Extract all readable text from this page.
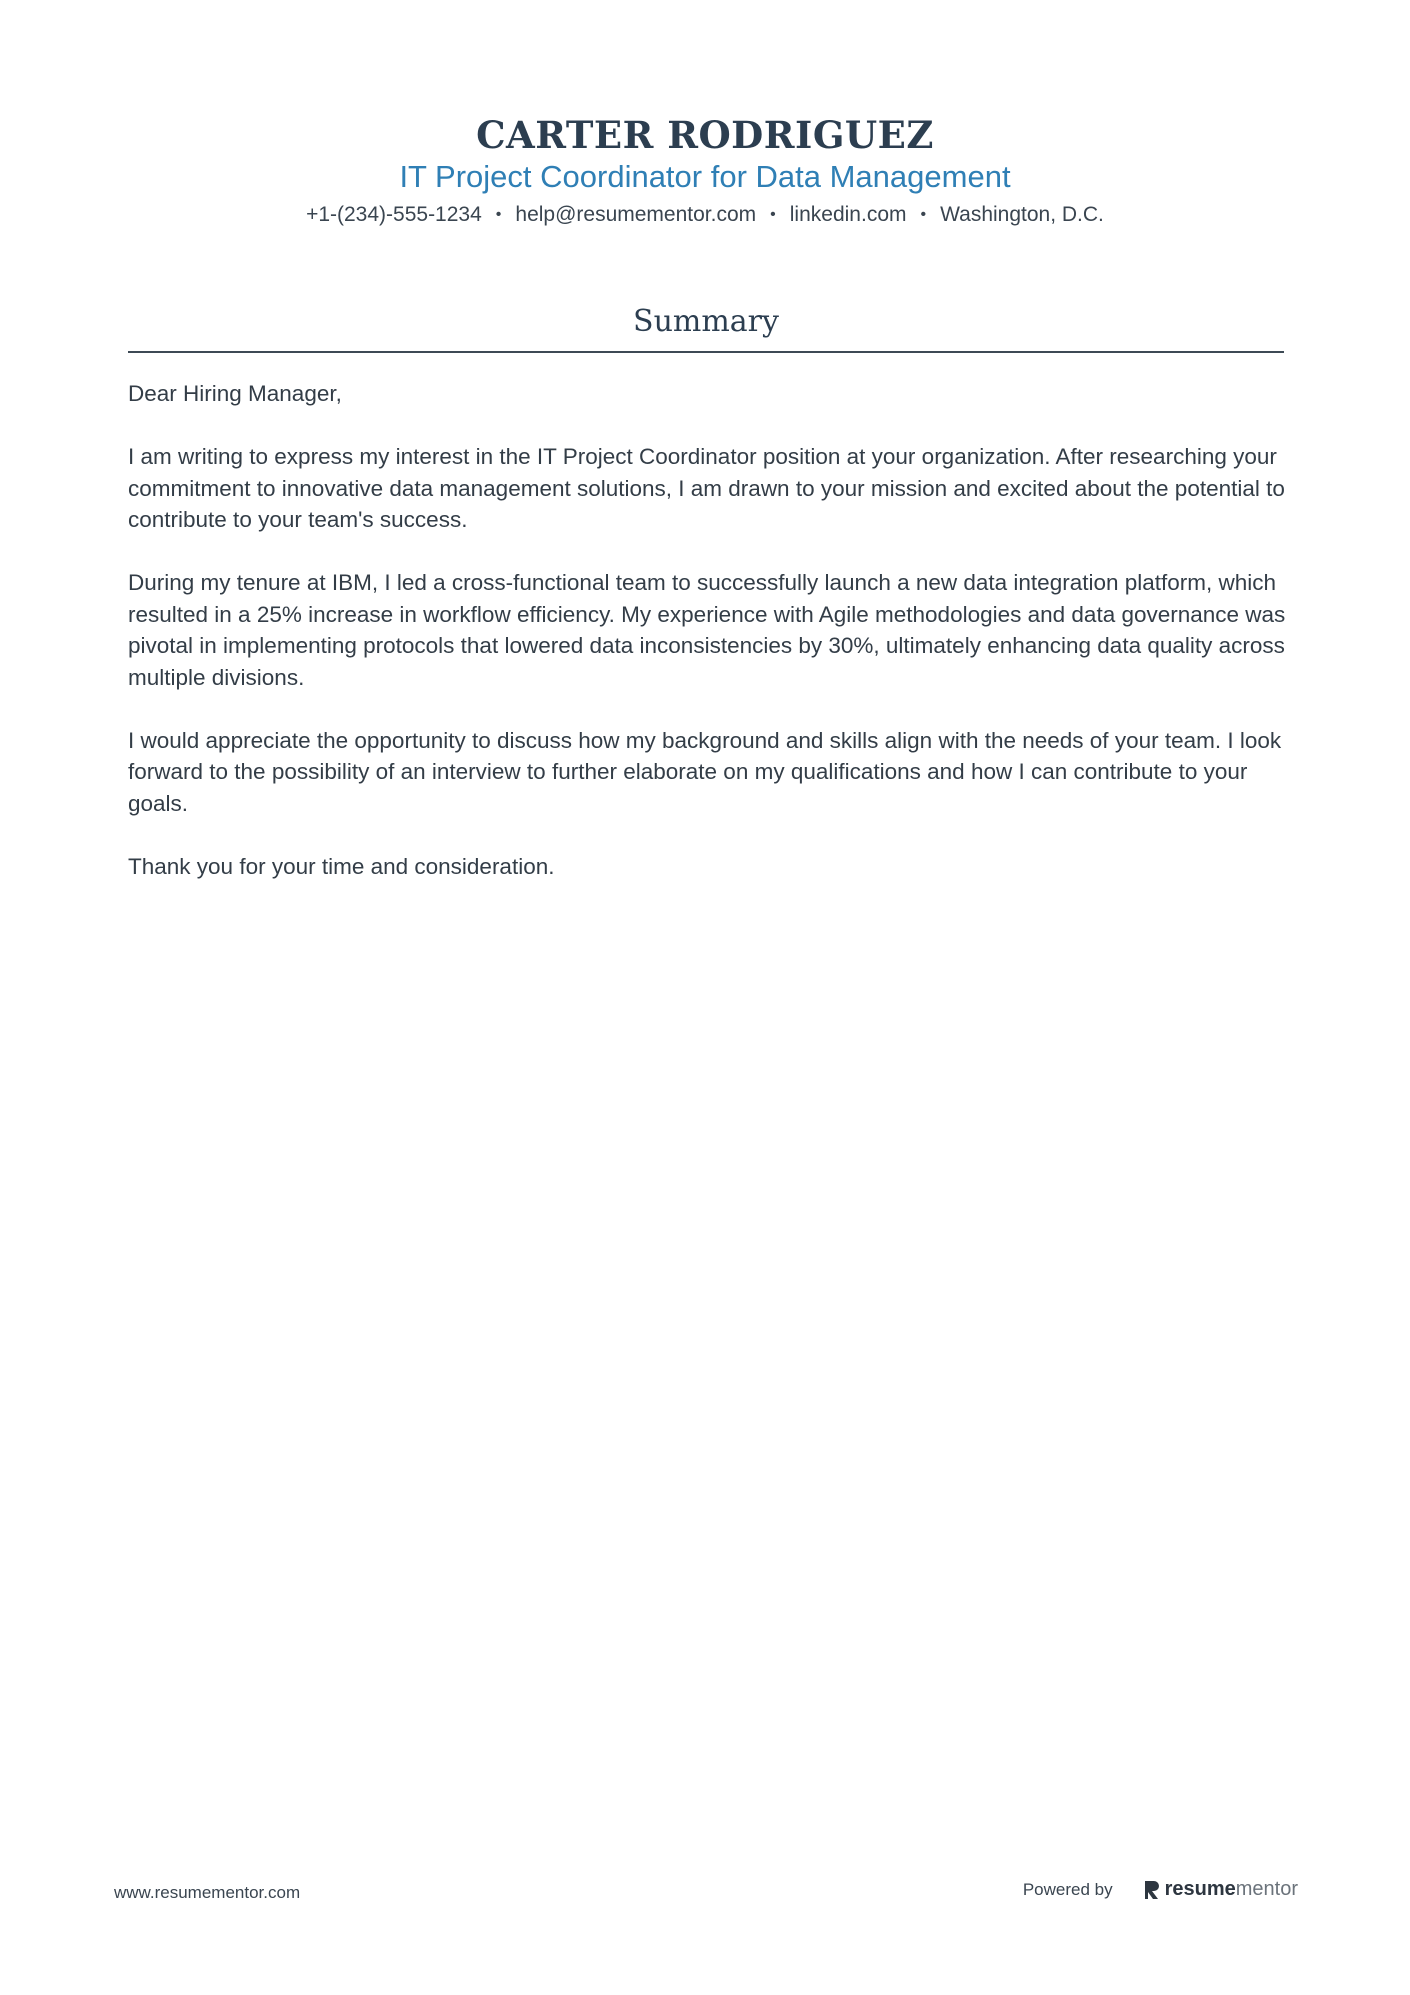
CARTER RODRIGUEZ
IT Project Coordinator for Data Management
+1-(234)-555-1234 • help@resumementor.com • linkedin.com • Washington, D.C.
Summary

Dear Hiring Manager,

I am writing to express my interest in the IT Project Coordinator position at your organization. After researching your commitment to innovative data management solutions, I am drawn to your mission and excited about the potential to contribute to your team's success.

During my tenure at IBM, I led a cross-functional team to successfully launch a new data integration platform, which resulted in a 25% increase in workflow efficiency. My experience with Agile methodologies and data governance was pivotal in implementing protocols that lowered data inconsistencies by 30%, ultimately enhancing data quality across multiple divisions.

I would appreciate the opportunity to discuss how my background and skills align with the needs of your team. I look forward to the possibility of an interview to further elaborate on my qualifications and how I can contribute to your goals.

Thank you for your time and consideration.

www.resumementor.com	Powered by	resumementor
